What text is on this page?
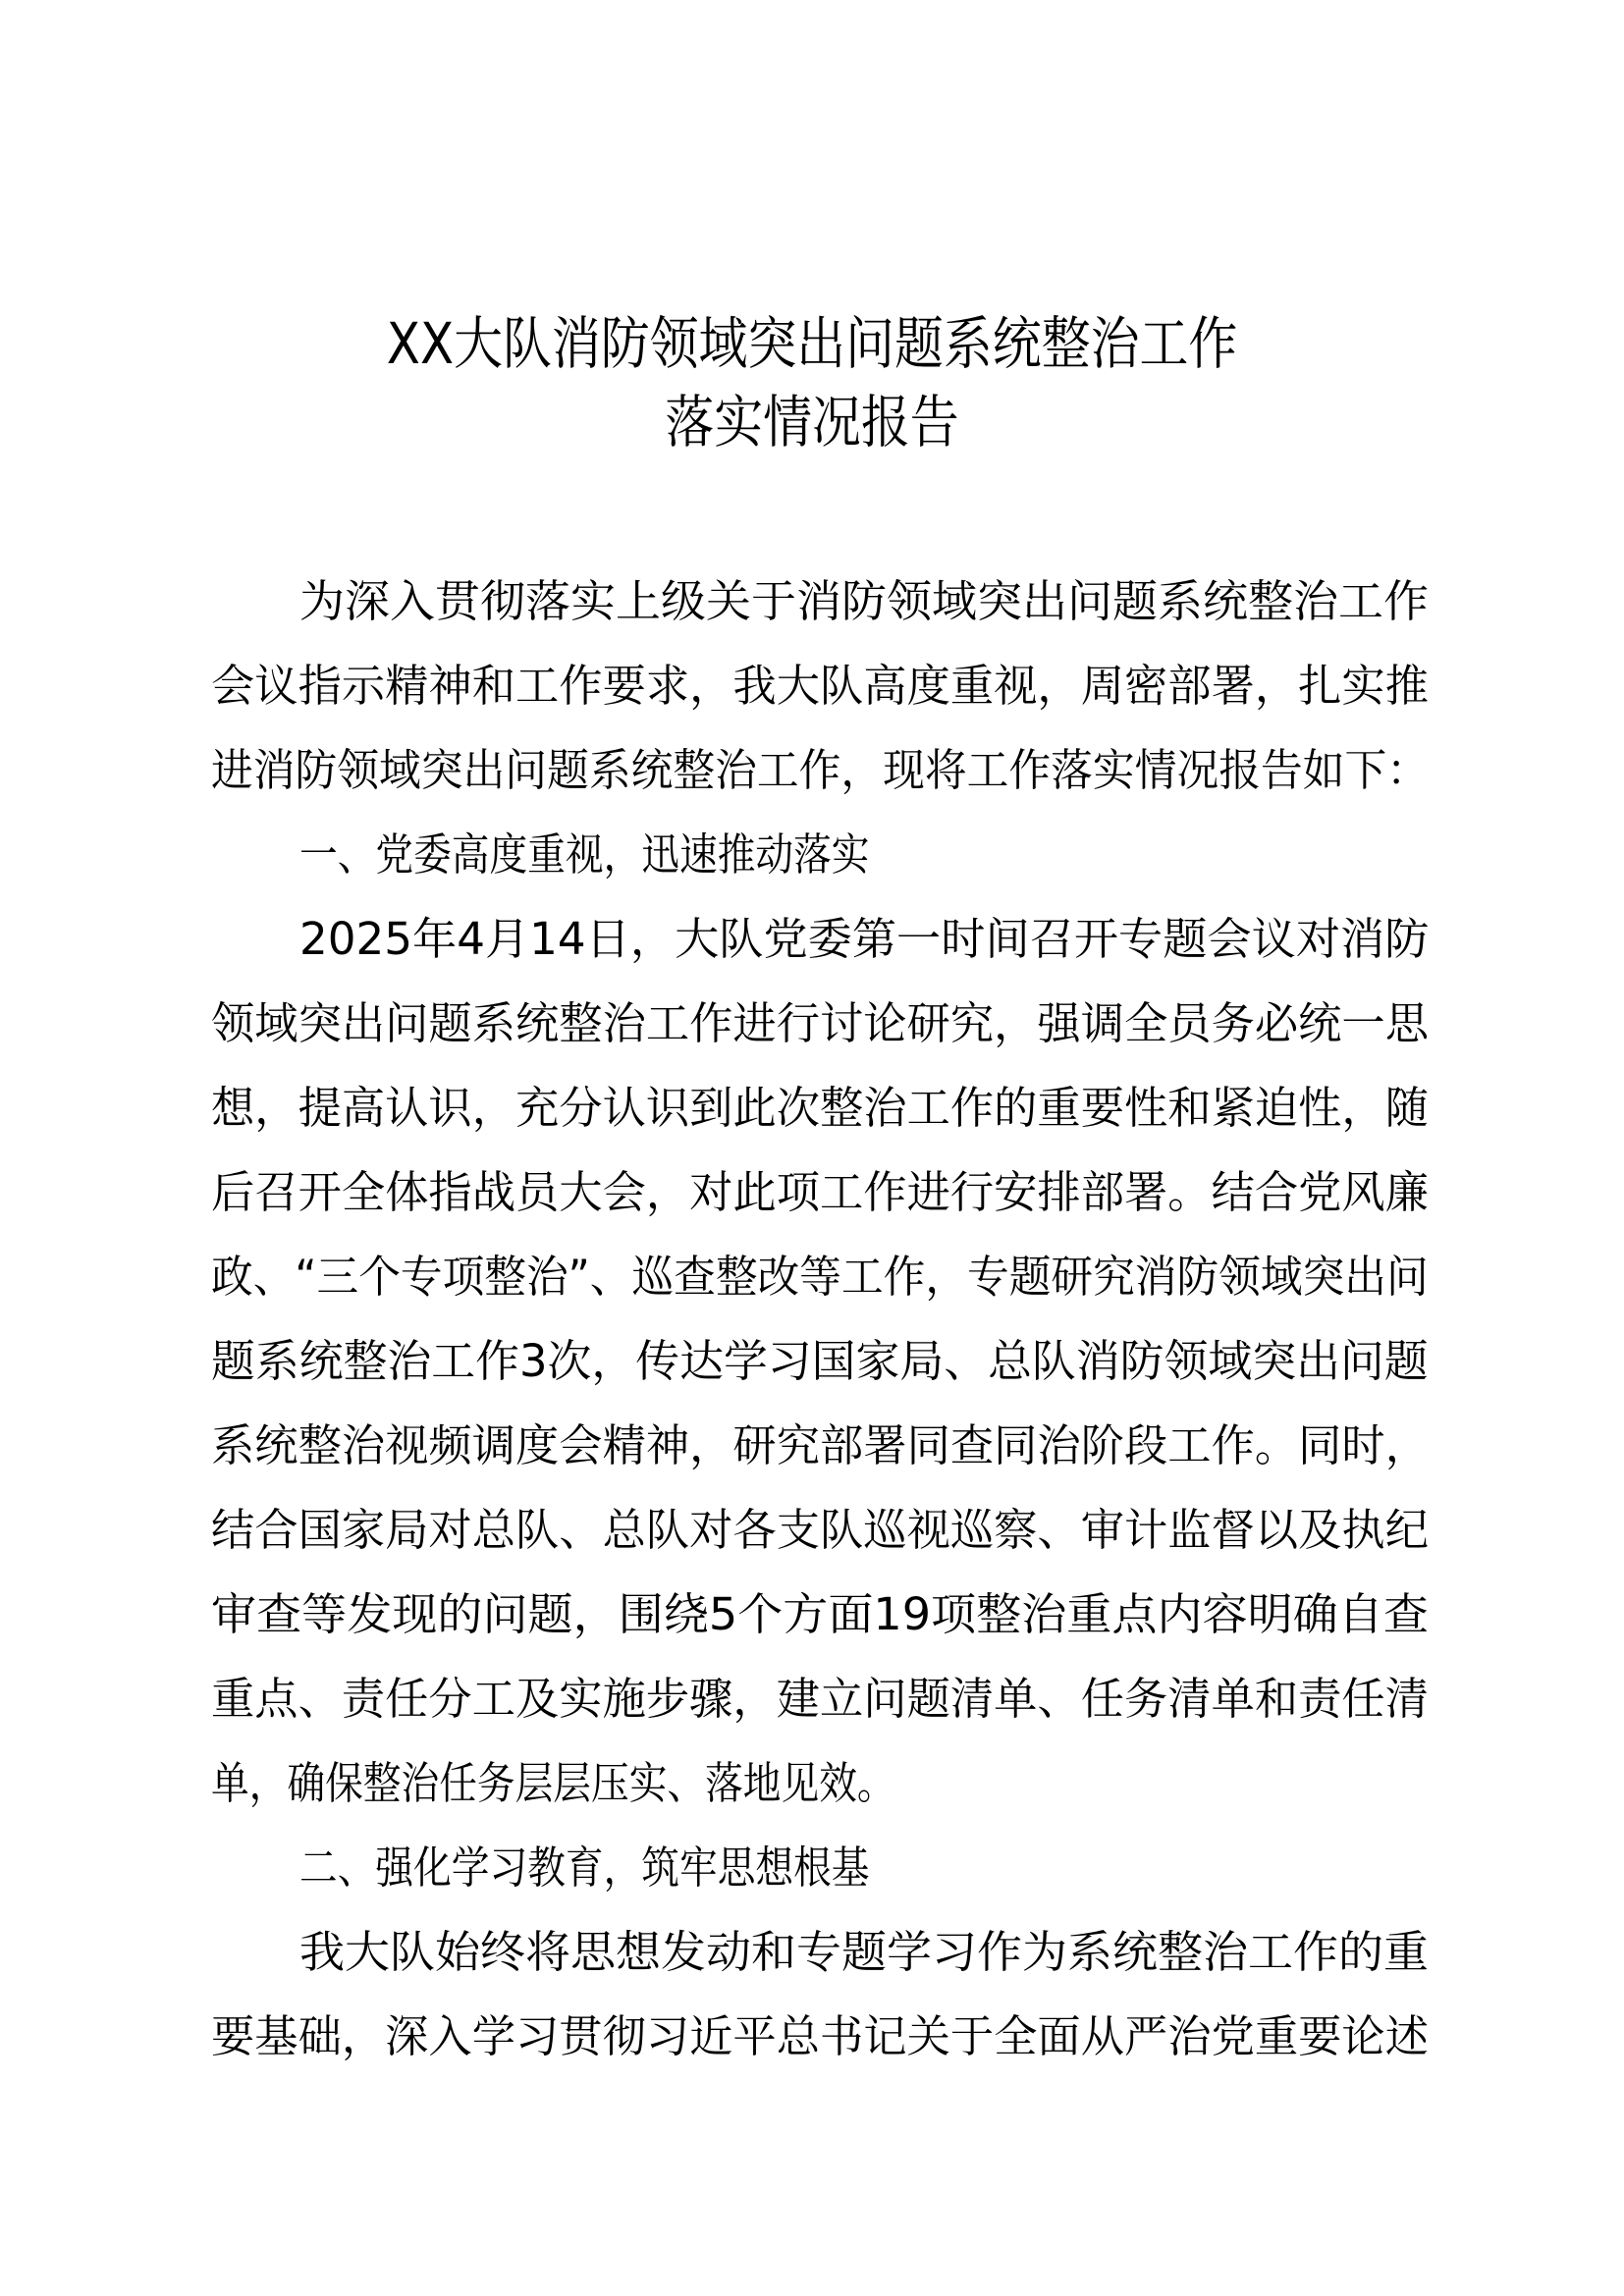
XX大队消防领域突出问题系统整治工作
落实情况报告
为深入贯彻落实上级关于消防领域突出问题系统整治工作
会议指示精神和工作要求，我大队高度重视，周密部署，扎实推
进消防领域突出问题系统整治工作，现将工作落实情况报告如下：
一、党委高度重视，迅速推动落实
2025年4月14日，大队党委第一时间召开专题会议对消防
领域突出问题系统整治工作进行讨论研究，强调全员务必统一思
想，提高认识，充分认识到此次整治工作的重要性和紧迫性，随
后召开全体指战员大会，对此项工作进行安排部署。结合党风廉
政、“三个专项整治”、巡查整改等工作，专题研究消防领域突出问
题系统整治工作3次，传达学习国家局、总队消防领域突出问题
系统整治视频调度会精神，研究部署同查同治阶段工作。同时，
结合国家局对总队、总队对各支队巡视巡察、审计监督以及执纪
审查等发现的问题，围绕5个方面19项整治重点内容明确自查
重点、责任分工及实施步骤，建立问题清单、任务清单和责任清
单，确保整治任务层层压实、落地见效。
二、强化学习教育，筑牢思想根基
我大队始终将思想发动和专题学习作为系统整治工作的重
要基础，深入学习贯彻习近平总书记关于全面从严治党重要论述
